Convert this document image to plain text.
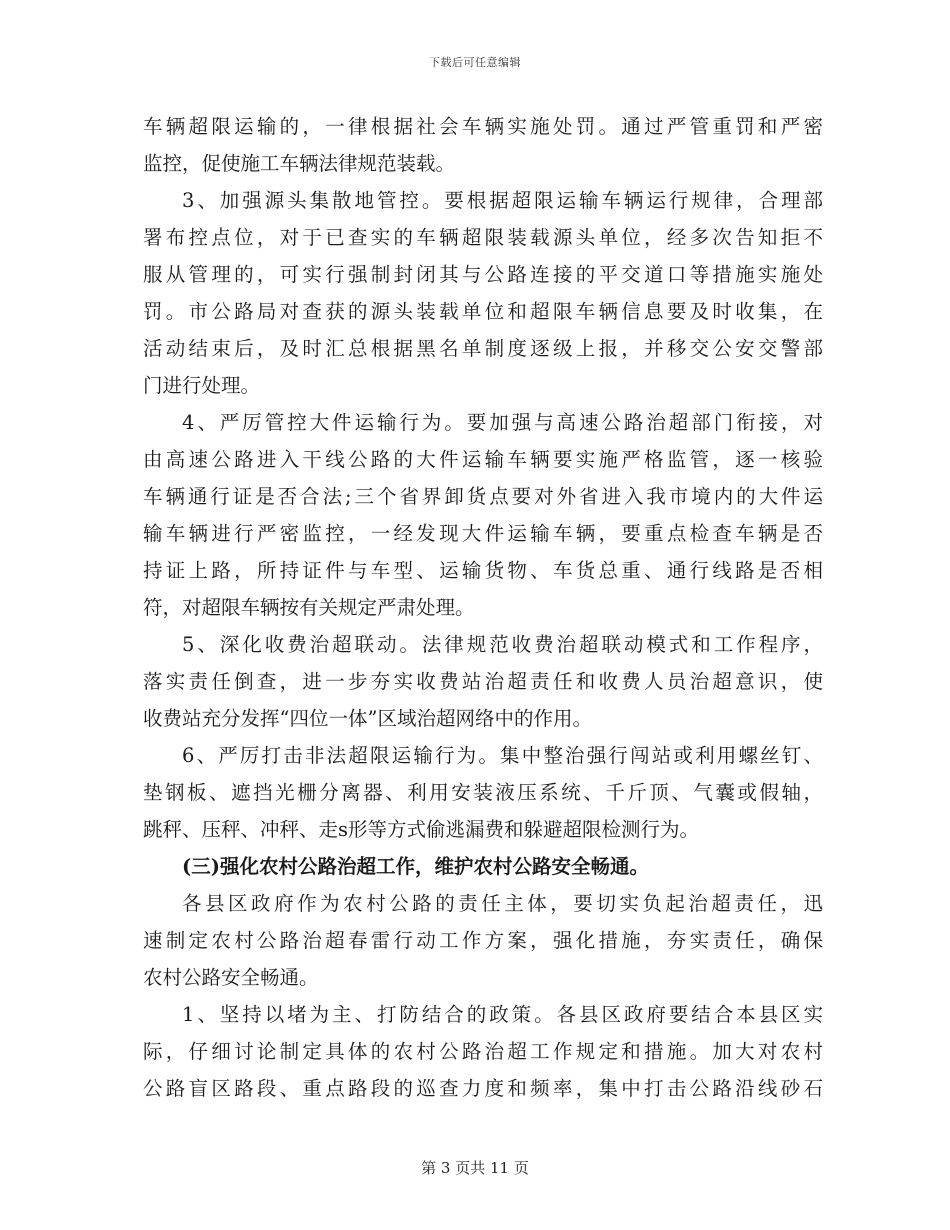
下载后可任意编辑
车辆超限运输的，一律根据社会车辆实施处罚。通过严管重罚和严密
监控，促使施工车辆法律规范装载。
3、加强源头集散地管控。要根据超限运输车辆运行规律，合理部
署布控点位，对于已查实的车辆超限装载源头单位，经多次告知拒不
服从管理的，可实行强制封闭其与公路连接的平交道口等措施实施处
罚。市公路局对查获的源头装载单位和超限车辆信息要及时收集，在
活动结束后，及时汇总根据黑名单制度逐级上报，并移交公安交警部
门进行处理。
4、严厉管控大件运输行为。要加强与高速公路治超部门衔接，对
由高速公路进入干线公路的大件运输车辆要实施严格监管，逐一核验
车辆通行证是否合法;三个省界卸货点要对外省进入我市境内的大件运
输车辆进行严密监控，一经发现大件运输车辆，要重点检查车辆是否
持证上路，所持证件与车型、运输货物、车货总重、通行线路是否相
符，对超限车辆按有关规定严肃处理。
5、深化收费治超联动。法律规范收费治超联动模式和工作程序，
落实责任倒查，进一步夯实收费站治超责任和收费人员治超意识，使
收费站充分发挥“四位一体”区域治超网络中的作用。
6、严厉打击非法超限运输行为。集中整治强行闯站或利用螺丝钉、
垫钢板、遮挡光栅分离器、利用安装液压系统、千斤顶、气囊或假轴，
跳秤、压秤、冲秤、走s形等方式偷逃漏费和躲避超限检测行为。
(三)强化农村公路治超工作，维护农村公路安全畅通。
各县区政府作为农村公路的责任主体，要切实负起治超责任，迅
速制定农村公路治超春雷行动工作方案，强化措施，夯实责任，确保
农村公路安全畅通。
1、坚持以堵为主、打防结合的政策。各县区政府要结合本县区实
际，仔细讨论制定具体的农村公路治超工作规定和措施。加大对农村
公路盲区路段、重点路段的巡查力度和频率，集中打击公路沿线砂石
第 3 页共 11 页
